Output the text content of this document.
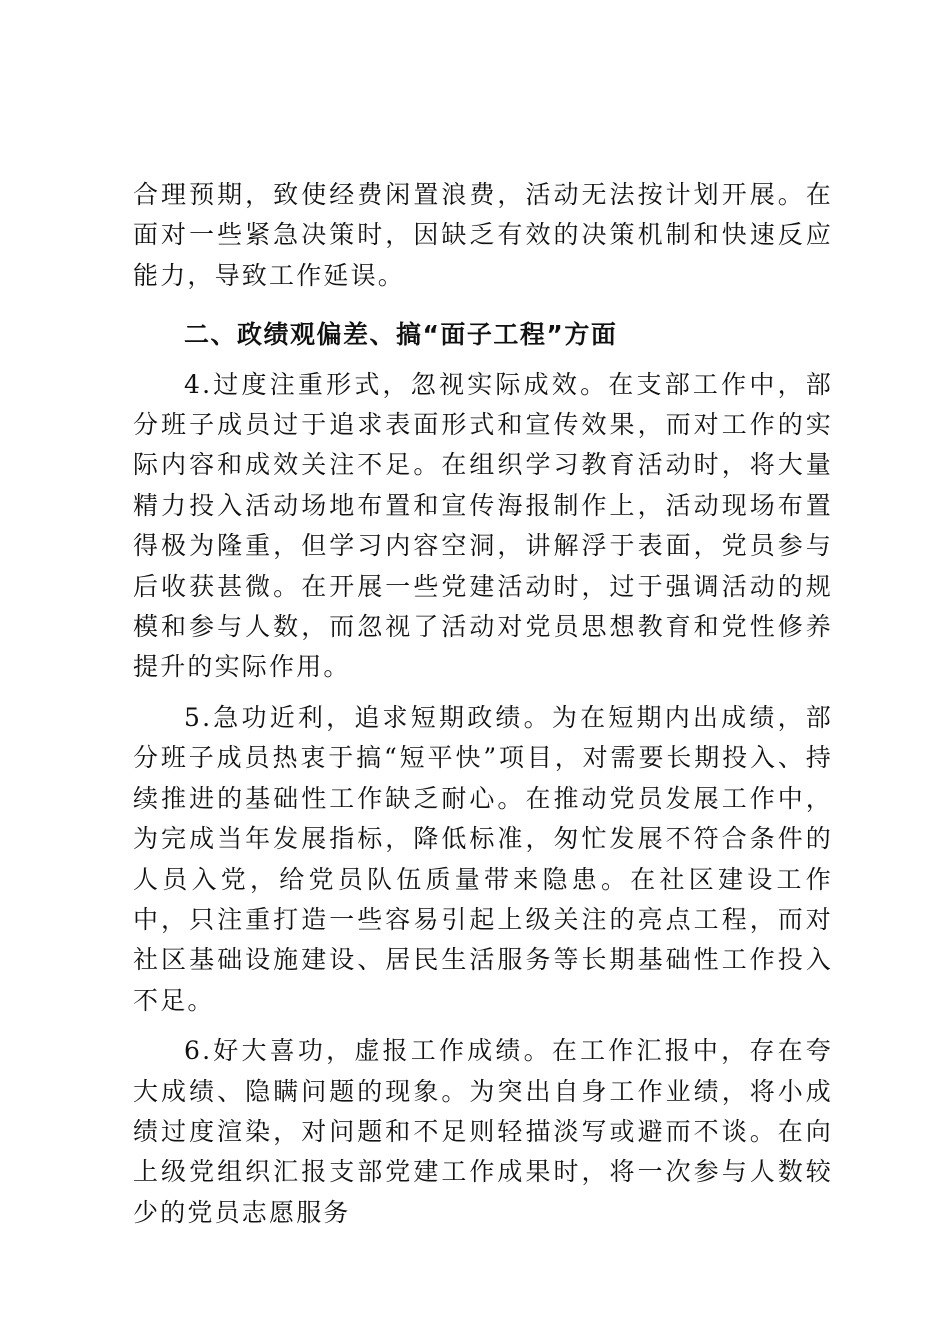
合理预期，致使经费闲置浪费，活动无法按计划开展。在面对一些紧急决策时，因缺乏有效的决策机制和快速反应能力，导致工作延误。

二、政绩观偏差、搞“面子工程”方面

4.过度注重形式，忽视实际成效。在支部工作中，部分班子成员过于追求表面形式和宣传效果，而对工作的实际内容和成效关注不足。在组织学习教育活动时，将大量精力投入活动场地布置和宣传海报制作上，活动现场布置得极为隆重，但学习内容空洞，讲解浮于表面，党员参与后收获甚微。在开展一些党建活动时，过于强调活动的规模和参与人数，而忽视了活动对党员思想教育和党性修养提升的实际作用。

5.急功近利，追求短期政绩。为在短期内出成绩，部分班子成员热衷于搞“短平快”项目，对需要长期投入、持续推进的基础性工作缺乏耐心。在推动党员发展工作中，为完成当年发展指标，降低标准，匆忙发展不符合条件的人员入党，给党员队伍质量带来隐患。在社区建设工作中，只注重打造一些容易引起上级关注的亮点工程，而对社区基础设施建设、居民生活服务等长期基础性工作投入不足。

6.好大喜功，虚报工作成绩。在工作汇报中，存在夸大成绩、隐瞒问题的现象。为突出自身工作业绩，将小成绩过度渲染，对问题和不足则轻描淡写或避而不谈。在向上级党组织汇报支部党建工作成果时，将一次参与人数较少的党员志愿服务
